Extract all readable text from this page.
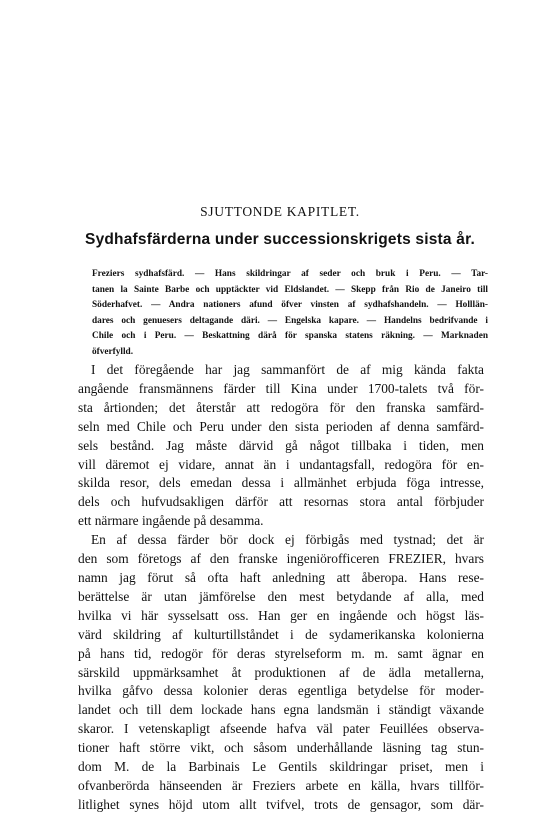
SJUTTONDE KAPITLET.
Sydhafsfärderna under successionskrigets sista år.
Freziers sydhafsfärd. — Hans skildringar af seder och bruk i Peru. — Tar-
tanen la Sainte Barbe och upptäckter vid Eldslandet. — Skepp från Rio de Janeiro till
Söderhafvet. — Andra nationers afund öfver vinsten af sydhafshandeln. — Holllän-
dares och genuesers deltagande däri. — Engelska kapare. — Handelns bedrifvande i
Chile och i Peru. — Beskattning därå för spanska statens räkning. — Marknaden
öfverfylld.
I det föregående har jag sammanfört de af mig kända fakta
angående fransmännens färder till Kina under 1700-talets två för-
sta årtionden; det återstår att redogöra för den franska samfärd-
seln med Chile och Peru under den sista perioden af denna samfärd-
sels bestånd. Jag måste därvid gå något tillbaka i tiden, men
vill däremot ej vidare, annat än i undantagsfall, redogöra för en-
skilda resor, dels emedan dessa i allmänhet erbjuda föga intresse,
dels och hufvudsakligen därför att resornas stora antal förbjuder
ett närmare ingående på desamma.
En af dessa färder bör dock ej förbigås med tystnad; det är
den som företogs af den franske ingeniörofficeren FREZIER, hvars
namn jag förut så ofta haft anledning att åberopa. Hans rese-
berättelse är utan jämförelse den mest betydande af alla, med
hvilka vi här sysselsatt oss. Han ger en ingående och högst läs-
värd skildring af kulturtillståndet i de sydamerikanska kolonierna
på hans tid, redogör för deras styrelseform m. m. samt ägnar en
särskild uppmärksamhet åt produktionen af de ädla metallerna,
hvilka gåfvo dessa kolonier deras egentliga betydelse för moder-
landet och till dem lockade hans egna landsmän i ständigt växande
skaror. I vetenskapligt afseende hafva väl pater Feuillées observa-
tioner haft större vikt, och såsom underhållande läsning tag stun-
dom M. de la Barbinais Le Gentils skildringar priset, men i
ofvanberörda hänseenden är Freziers arbete en källa, hvars tillför-
litlighet synes höjd utom allt tvifvel, trots de gensagor, som där-
